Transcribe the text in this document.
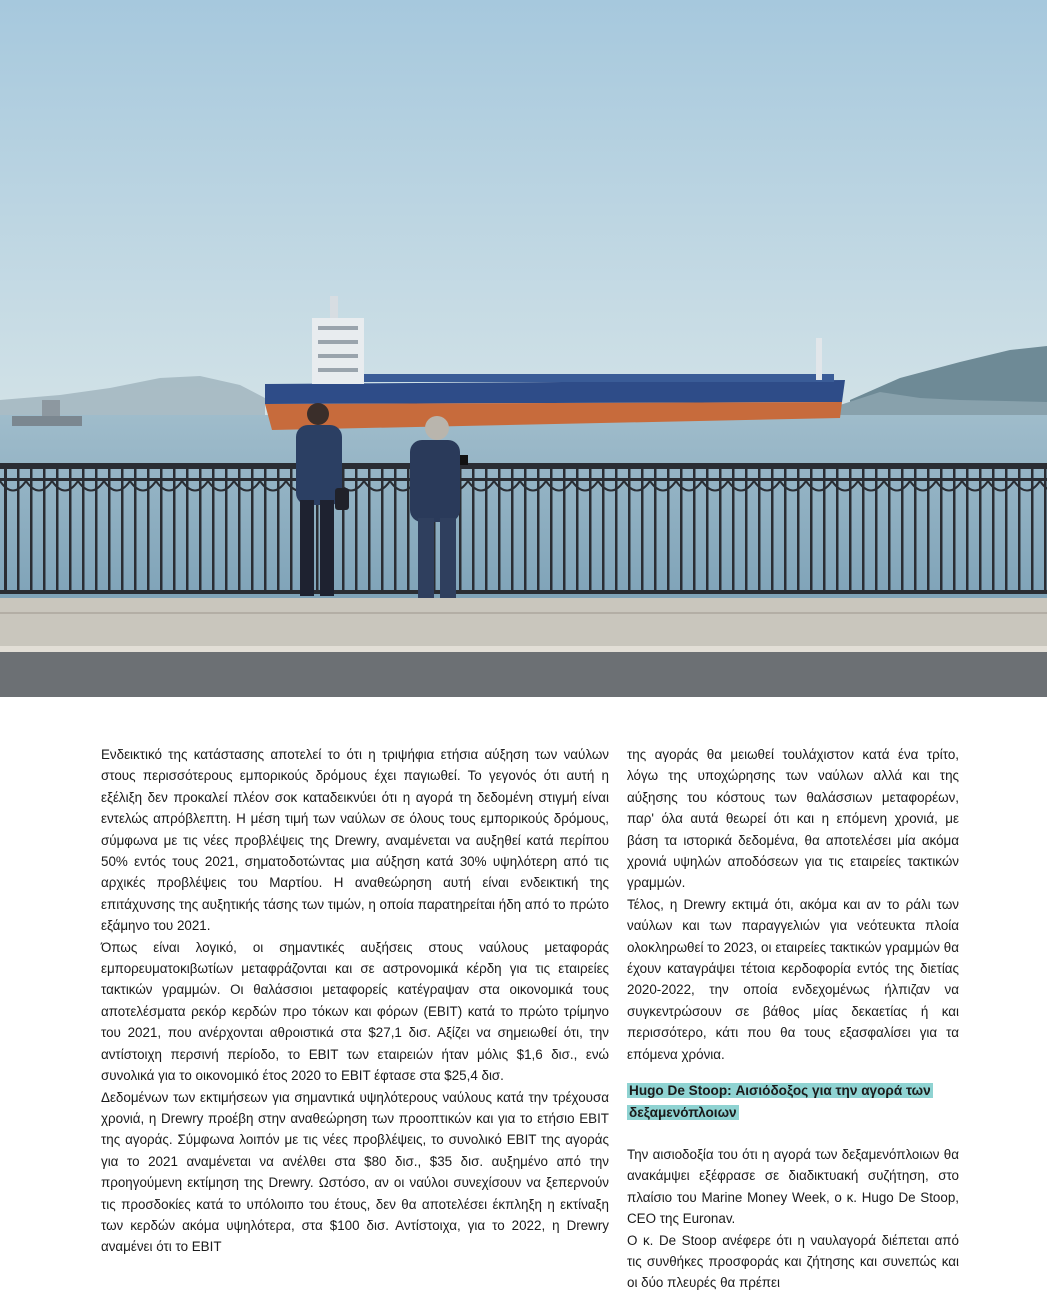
Ενδεικτικό της κατάστασης αποτελεί το ότι η τριψήφια ετήσια αύξηση των ναύλων στους περισσότερους εμπορικούς δρόμους έχει παγιωθεί. Το γεγονός ότι αυτή η εξέλιξη δεν προκαλεί πλέον σοκ καταδεικνύει ότι η αγορά τη δεδομένη στιγμή είναι εντελώς απρόβλεπτη. Η μέση τιμή των ναύλων σε όλους τους εμπορικούς δρόμους, σύμφωνα με τις νέες προβλέψεις της Drewry, αναμένεται να αυξηθεί κατά περίπου 50% εντός τους 2021, σηματοδοτώντας μια αύξηση κατά 30% υψηλότερη από τις αρχικές προβλέψεις του Μαρτίου. Η αναθεώρηση αυτή είναι ενδεικτική της επιτάχυνσης της αυξητικής τάσης των τιμών, η οποία παρατηρείται ήδη από το πρώτο εξάμηνο του 2021.

Όπως είναι λογικό, οι σημαντικές αυξήσεις στους ναύλους μεταφοράς εμπορευματοκιβωτίων μεταφράζονται και σε αστρονομικά κέρδη για τις εταιρείες τακτικών γραμμών. Οι θαλάσσιοι μεταφορείς κατέγραψαν στα οικονομικά τους αποτελέσματα ρεκόρ κερδών προ τόκων και φόρων (EBIT) κατά το πρώτο τρίμηνο του 2021, που ανέρχονται αθροιστικά στα $27,1 δισ. Αξίζει να σημειωθεί ότι, την αντίστοιχη περσινή περίοδο, το EBIT των εταιρειών ήταν μόλις $1,6 δισ., ενώ συνολικά για το οικονομικό έτος 2020 το EBIT έφτασε στα $25,4 δισ.

Δεδομένων των εκτιμήσεων για σημαντικά υψηλότερους ναύλους κατά την τρέχουσα χρονιά, η Drewry προέβη στην αναθεώρηση των προοπτικών και για το ετήσιο EBIT της αγοράς. Σύμφωνα λοιπόν με τις νέες προβλέψεις, το συνολικό EBIT της αγοράς για το 2021 αναμένεται να ανέλθει στα $80 δισ., $35 δισ. αυξημένο από την προηγούμενη εκτίμηση της Drewry. Ωστόσο, αν οι ναύλοι συνεχίσουν να ξεπερνούν τις προσδοκίες κατά το υπόλοιπο του έτους, δεν θα αποτελέσει έκπληξη η εκτίναξη των κερδών ακόμα υψηλότερα, στα $100 δισ. Αντίστοιχα, για το 2022, η Drewry αναμένει ότι το EBIT

της αγοράς θα μειωθεί τουλάχιστον κατά ένα τρίτο, λόγω της υποχώρησης των ναύλων αλλά και της αύξησης του κόστους των θαλάσσιων μεταφορέων, παρ' όλα αυτά θεωρεί ότι και η επόμενη χρονιά, με βάση τα ιστορικά δεδομένα, θα αποτελέσει μία ακόμα χρονιά υψηλών αποδόσεων για τις εταιρείες τακτικών γραμμών.

Τέλος, η Drewry εκτιμά ότι, ακόμα και αν το ράλι των ναύλων και των παραγγελιών για νεότευκτα πλοία ολοκληρωθεί το 2023, οι εταιρείες τακτικών γραμμών θα έχουν καταγράψει τέτοια κερδοφορία εντός της διετίας 2020-2022, την οποία ενδεχομένως ήλπιζαν να συγκεντρώσουν σε βάθος μίας δεκαετίας ή και περισσότερο, κάτι που θα τους εξασφαλίσει για τα επόμενα χρόνια.

Hugo De Stoop: Αισιόδοξος για την αγορά των δεξαμενόπλοιων

Την αισιοδοξία του ότι η αγορά των δεξαμενόπλοιων θα ανακάμψει εξέφρασε σε διαδικτυακή συζήτηση, στο πλαίσιο του Marine Money Week, ο κ. Hugo De Stoop, CEO της Euronav.

Ο κ. De Stoop ανέφερε ότι η ναυλαγορά διέπεται από τις συνθήκες προσφοράς και ζήτησης και συνεπώς και οι δύο πλευρές θα πρέπει
